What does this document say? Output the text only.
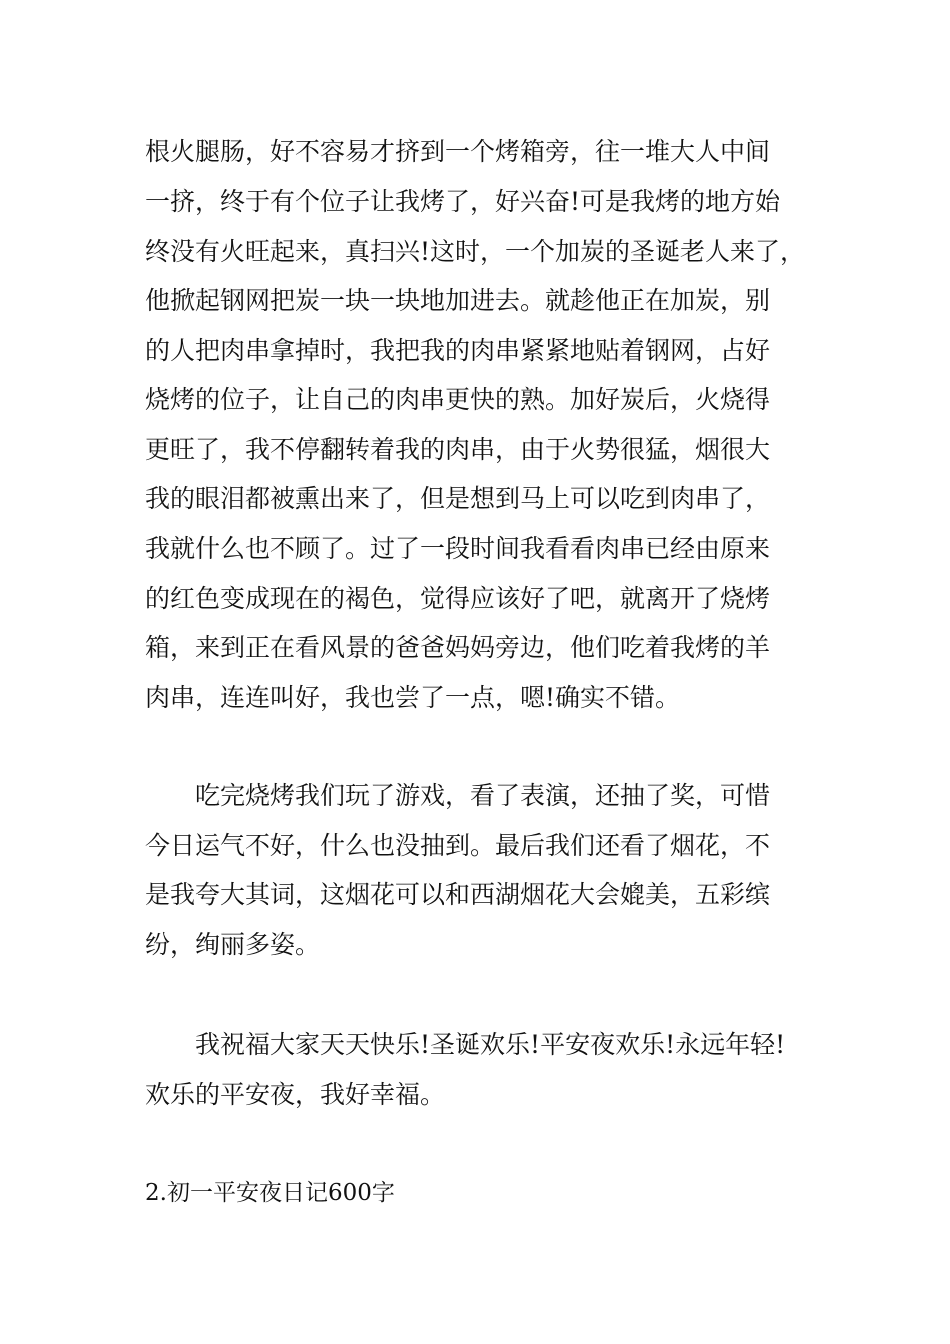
根火腿肠，好不容易才挤到一个烤箱旁，往一堆大人中间
一挤，终于有个位子让我烤了，好兴奋!可是我烤的地方始
终没有火旺起来，真扫兴!这时，一个加炭的圣诞老人来了，
他掀起钢网把炭一块一块地加进去。就趁他正在加炭，别
的人把肉串拿掉时，我把我的肉串紧紧地贴着钢网，占好
烧烤的位子，让自己的肉串更快的熟。加好炭后，火烧得
更旺了，我不停翻转着我的肉串，由于火势很猛，烟很大
我的眼泪都被熏出来了，但是想到马上可以吃到肉串了，
我就什么也不顾了。过了一段时间我看看肉串已经由原来
的红色变成现在的褐色，觉得应该好了吧，就离开了烧烤
箱，来到正在看风景的爸爸妈妈旁边，他们吃着我烤的羊
肉串，连连叫好，我也尝了一点，嗯!确实不错。
　　吃完烧烤我们玩了游戏，看了表演，还抽了奖，可惜
今日运气不好，什么也没抽到。最后我们还看了烟花，不
是我夸大其词，这烟花可以和西湖烟花大会媲美，五彩缤
纷，绚丽多姿。
　　我祝福大家天天快乐!圣诞欢乐!平安夜欢乐!永远年轻!
欢乐的平安夜，我好幸福。
2.初一平安夜日记600字
